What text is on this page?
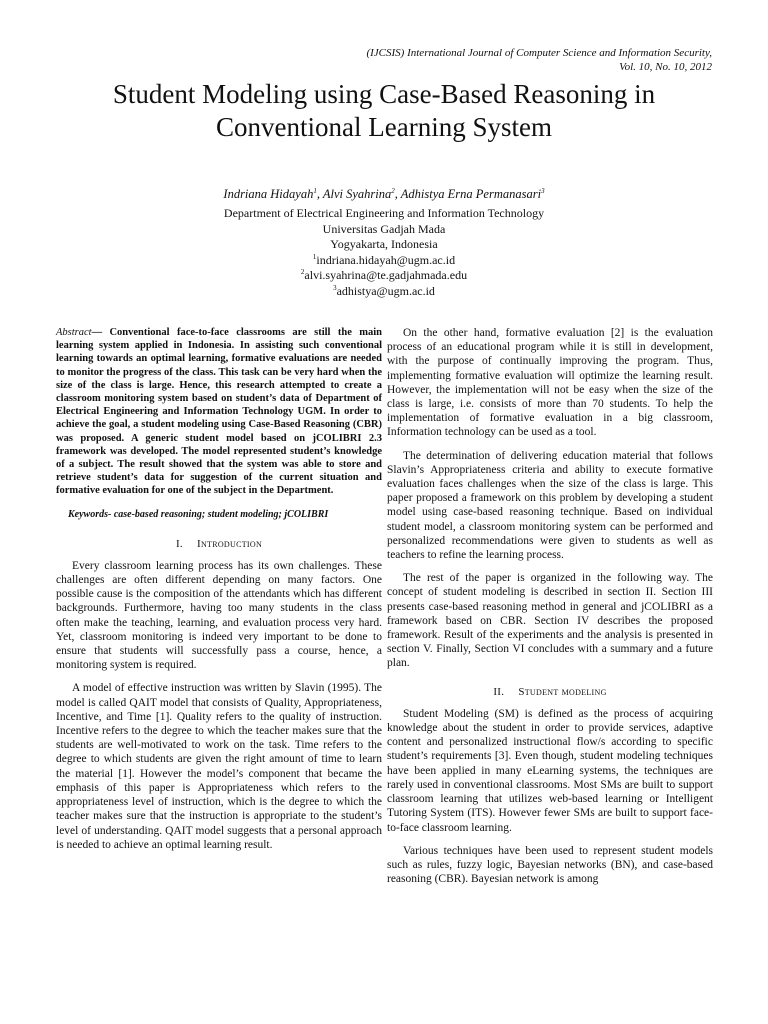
(IJCSIS) International Journal of Computer Science and Information Security,
Vol. 10, No. 10, 2012
Student Modeling using Case-Based Reasoning in
Conventional Learning System
Indriana Hidayah$^1$, Alvi Syahrina$^2$, Adhistya Erna Permanasari$^3$
Department of Electrical Engineering and Information Technology
Universitas Gadjah Mada
Yogyakarta, Indonesia
$^1$indriana.hidayah@ugm.ac.id
$^2$alvi.syahrina@te.gadjahmada.edu
$^3$adhistya@ugm.ac.id

Abstract— Conventional face-to-face classrooms are still the main learning system applied in Indonesia. In assisting such conventional learning towards an optimal learning, formative evaluations are needed to monitor the progress of the class. This task can be very hard when the size of the class is large. Hence, this research attempted to create a classroom monitoring system based on student’s data of Department of Electrical Engineering and Information Technology UGM. In order to achieve the goal, a student modeling using Case-Based Reasoning (CBR) was proposed. A generic student model based on jCOLIBRI 2.3 framework was developed. The model represented student’s knowledge of a subject. The result showed that the system was able to store and retrieve student’s data for suggestion of the current situation and formative evaluation for one of the subject in the Department.

Keywords- case-based reasoning; student modeling; jCOLIBRI

I. Introduction

Every classroom learning process has its own challenges. These challenges are often different depending on many factors. One possible cause is the composition of the attendants which has different backgrounds. Furthermore, having too many students in the class often make the teaching, learning, and evaluation process very hard. Yet, classroom monitoring is indeed very important to be done to ensure that students will successfully pass a course, hence, a monitoring system is required.

A model of effective instruction was written by Slavin (1995). The model is called QAIT model that consists of Quality, Appropriateness, Incentive, and Time [1]. Quality refers to the quality of instruction. Incentive refers to the degree to which the teacher makes sure that the students are well-motivated to work on the task. Time refers to the degree to which students are given the right amount of time to learn the material [1]. However the model’s component that became the emphasis of this paper is Appropriateness which refers to the appropriateness level of instruction, which is the degree to which the teacher makes sure that the instruction is appropriate to the student’s level of understanding. QAIT model suggests that a personal approach is needed to achieve an optimal learning result.

On the other hand, formative evaluation [2] is the evaluation process of an educational program while it is still in development, with the purpose of continually improving the program. Thus, implementing formative evaluation will optimize the learning result. However, the implementation will not be easy when the size of the class is large, i.e. consists of more than 70 students. To help the implementation of formative evaluation in a big classroom, Information technology can be used as a tool.

The determination of delivering education material that follows Slavin’s Appropriateness criteria and ability to execute formative evaluation faces challenges when the size of the class is large. This paper proposed a framework on this problem by developing a student model using case-based reasoning technique. Based on individual student model, a classroom monitoring system can be performed and personalized recommendations were given to students as well as teachers to refine the learning process.

The rest of the paper is organized in the following way. The concept of student modeling is described in section II. Section III presents case-based reasoning method in general and jCOLIBRI as a framework based on CBR. Section IV describes the proposed framework. Result of the experiments and the analysis is presented in section V. Finally, Section VI concludes with a summary and a future plan.

II. Student modeling

Student Modeling (SM) is defined as the process of acquiring knowledge about the student in order to provide services, adaptive content and personalized instructional flow/s according to specific student’s requirements [3]. Even though, student modeling techniques have been applied in many eLearning systems, the techniques are rarely used in conventional classrooms. Most SMs are built to support classroom learning that utilizes web-based learning or Intelligent Tutoring System (ITS). However fewer SMs are built to support face-to-face classroom learning.

Various techniques have been used to represent student models such as rules, fuzzy logic, Bayesian networks (BN), and case-based reasoning (CBR). Bayesian network is among
